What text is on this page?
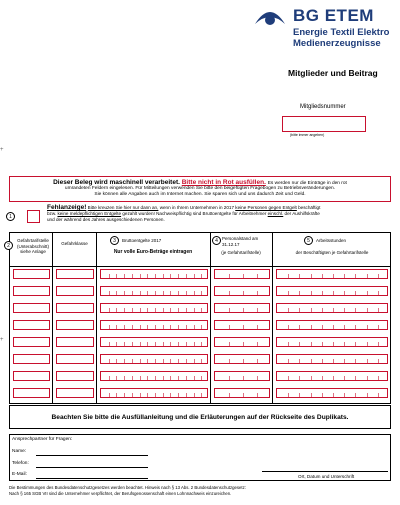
BG ETEM
Energie Textil Elektro
Medienerzeugnisse
Mitglieder und Beitrag
Mitgliedsnummer
(bitte immer angeben)
+
+
Dieser Beleg wird maschinell verarbeitet. Bitte nicht in Rot ausfüllen. Es werden nur die Einträge in den rot
umrandeten Feldern eingelesen. Für Mitteilungen verwenden Sie bitte den beigefügten Fragebogen zu Betriebsveränderungen.
Sie können alle Angaben auch im Internet machen. Sie sparen sich und uns dadurch Zeit und Geld.
1
Fehlanzeige! Bitte kreuzen Sie hier nur dann an, wenn in Ihrem Unternehmen in 2017 keine Personen gegen Entgelt beschäftigt
bzw. keine meldepflichtigen Entgelte gezahlt wurden! Nachweispflichtig sind Bruttoentgelte für Arbeitnehmer einschl. der Aushilfskräfte
und der während des Jahres ausgeschiedenen Personen.
2
Gefahrtarifstelle (Unterabschnitt) siehe Anlage
Gefahrklasse	3	Bruttoentgelte 2017
Nur volle Euro-Beträge eintragen
4 Personalstand am 31.12.17
(je Gefahrtarifstelle)
5	Arbeitsstunden
der Beschäftigten je Gefahrtarifstelle
Beachten Sie bitte die Ausfüllanleitung und die Erläuterungen auf der Rückseite des Duplikats.
Ansprechpartner für Fragen:
Name:
Telefon:
E-Mail:	Ort, Datum und Unterschrift
Die Bestimmungen des Bundesdatenschutzgesetzes werden beachtet. Hinweis nach § 13 Abs. 2 Bundesdatenschutzgesetz:
Nach § 165 SGB VII sind die Unternehmer verpflichtet, der Berufsgenossenschaft einen Lohnnachweis einzureichen.
